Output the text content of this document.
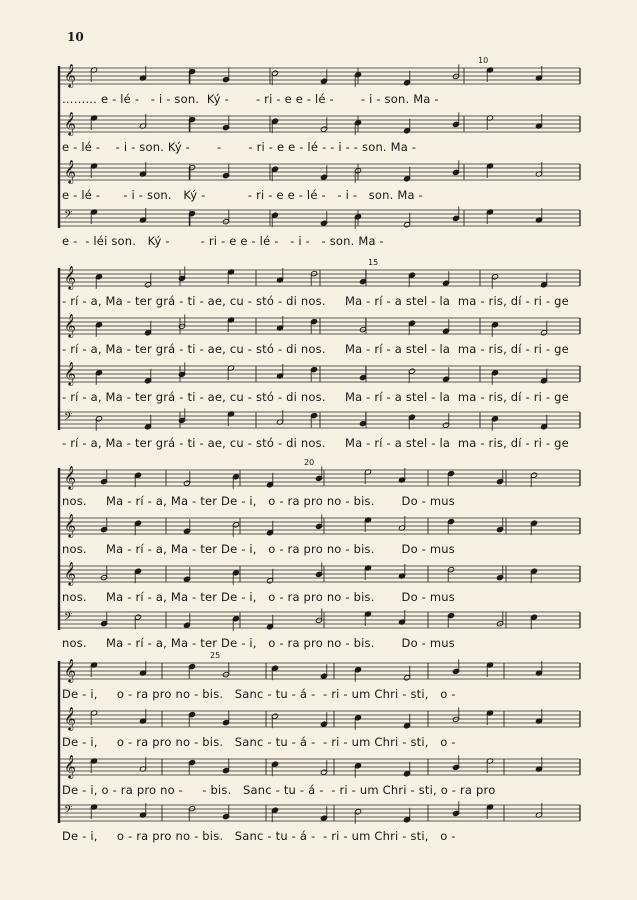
10
𝄞
……… e - lé -   - i - son.  Ký -       - ri - e e - lé -       - i - son. Ma -
𝄞
e - lé -    - i - son. Ký -       -       - ri - e e - lé - - i - - son. Ma -
𝄞
e - lé -      - i - son.   Ký -           - ri - e e - lé -   - i -   son. Ma -
𝄢
e -  - léi son.   Ký -        - ri - e e - lé -   - i -   - son. Ma -
10
𝄞
- rí - a, Ma - ter grá - ti - ae, cu - stó - di nos.     Ma - rí - a stel - la  ma - ris, dí - ri - ge
𝄞
- rí - a, Ma - ter grá - ti - ae, cu - stó - di nos.     Ma - rí - a stel - la  ma - ris, dí - ri - ge
𝄞
- rí - a, Ma - ter grá - ti - ae, cu - stó - di nos.     Ma - rí - a stel - la  ma - ris, dí - ri - ge
𝄢
- rí - a, Ma - ter grá - ti - ae, cu - stó - di nos.     Ma - rí - a stel - la  ma - ris, dí - ri - ge
15
𝄞
nos.     Ma - rí - a, Ma - ter De - i,   o - ra pro no - bis.       Do - mus
𝄞
nos.     Ma - rí - a, Ma - ter De - i,   o - ra pro no - bis.       Do - mus
𝄞
nos.     Ma - rí - a, Ma - ter De - i,   o - ra pro no - bis.       Do - mus
𝄢
nos.     Ma - rí - a, Ma - ter De - i,   o - ra pro no - bis.       Do - mus
20
𝄞
De - i,     o - ra pro no - bis.   Sanc - tu - á -  - ri - um Chri - sti,   o -
𝄞
De - i,     o - ra pro no - bis.   Sanc - tu - á -  - ri - um Chri - sti,   o -
𝄞
De - i, o - ra pro no -     - bis.   Sanc - tu - á -  - ri - um Chri - sti, o - ra pro
𝄢
De - i,     o - ra pro no - bis.   Sanc - tu - á -  - ri - um Chri - sti,   o -
25
